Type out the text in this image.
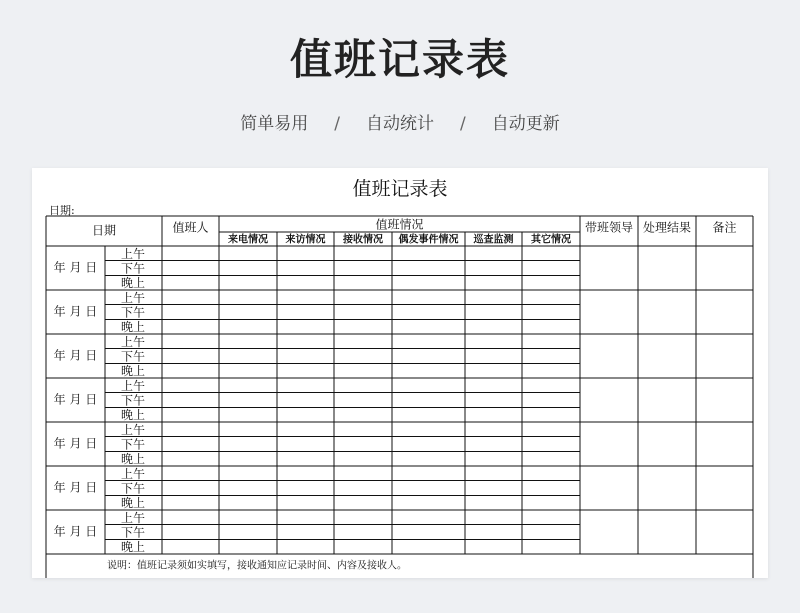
值班记录表
简单易用 / 自动统计 / 自动更新
值班记录表
日期:
日期	值班人	值班情况
来电情况 来访情况 接收情况 偶发事件情况 巡查监测 其它情况
带班领导 处理结果 备注
年 月 日
上午
下午
晚上
年 月 日
上午
下午
晚上
年 月 日
上午
下午
晚上
年 月 日
上午
下午
晚上
年 月 日
上午
下午
晚上
年 月 日
上午
下午
晚上
年 月 日
上午
下午
晚上
说明：值班记录须如实填写，接收通知应记录时间、内容及接收人。
